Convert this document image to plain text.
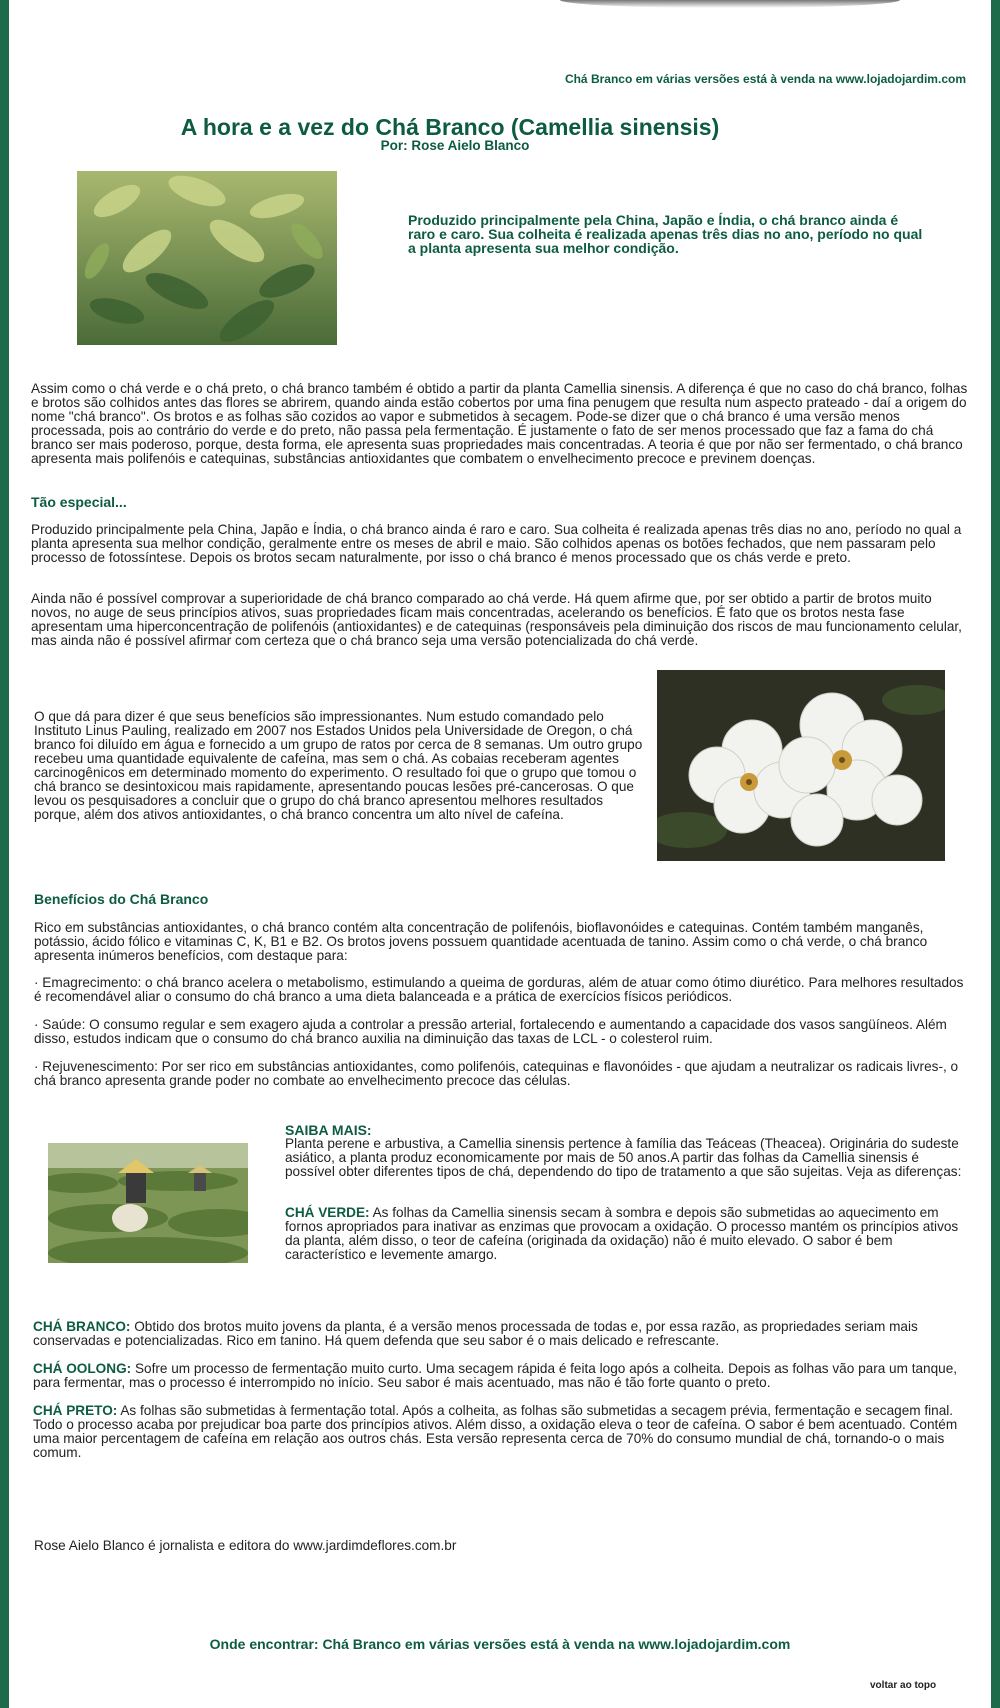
Chá Branco em várias versões está à venda na www.lojadojardim.com
A hora e a vez do Chá Branco (Camellia sinensis)
Por: Rose Aielo Blanco
Produzido principalmente pela China, Japão e Índia, o chá branco ainda é raro e caro. Sua colheita é realizada apenas três dias no ano, período no qual a planta apresenta sua melhor condição.

Assim como o chá verde e o chá preto, o chá branco também é obtido a partir da planta Camellia sinensis. A diferença é que no caso do chá branco, folhas e brotos são colhidos antes das flores se abrirem, quando ainda estão cobertos por uma fina penugem que resulta num aspecto prateado - daí a origem do nome "chá branco". Os brotos e as folhas são cozidos ao vapor e submetidos à secagem. Pode-se dizer que o chá branco é uma versão menos processada, pois ao contrário do verde e do preto, não passa pela fermentação. É justamente o fato de ser menos processado que faz a fama do chá branco ser mais poderoso, porque, desta forma, ele apresenta suas propriedades mais concentradas. A teoria é que por não ser fermentado, o chá branco apresenta mais polifenóis e catequinas, substâncias antioxidantes que combatem o envelhecimento precoce e previnem doenças.

Tão especial...

Produzido principalmente pela China, Japão e Índia, o chá branco ainda é raro e caro. Sua colheita é realizada apenas três dias no ano, período no qual a planta apresenta sua melhor condição, geralmente entre os meses de abril e maio. São colhidos apenas os botões fechados, que nem passaram pelo processo de fotossíntese. Depois os brotos secam naturalmente, por isso o chá branco é menos processado que os chás verde e preto.

Ainda não é possível comprovar a superioridade de chá branco comparado ao chá verde. Há quem afirme que, por ser obtido a partir de brotos muito novos, no auge de seus princípios ativos, suas propriedades ficam mais concentradas, acelerando os benefícios. É fato que os brotos nesta fase apresentam uma hiperconcentração de polifenóis (antioxidantes) e de catequinas (responsáveis pela diminuição dos riscos de mau funcionamento celular, mas ainda não é possível afirmar com certeza que o chá branco seja uma versão potencializada do chá verde.

O que dá para dizer é que seus benefícios são impressionantes. Num estudo comandado pelo Instituto Linus Pauling, realizado em 2007 nos Estados Unidos pela Universidade de Oregon, o chá branco foi diluído em água e fornecido a um grupo de ratos por cerca de 8 semanas. Um outro grupo recebeu uma quantidade equivalente de cafeína, mas sem o chá. As cobaias receberam agentes carcinogênicos em determinado momento do experimento. O resultado foi que o grupo que tomou o chá branco se desintoxicou mais rapidamente, apresentando poucas lesões pré-cancerosas. O que levou os pesquisadores a concluir que o grupo do chá branco apresentou melhores resultados porque, além dos ativos antioxidantes, o chá branco concentra um alto nível de cafeína.

Benefícios do Chá Branco

Rico em substâncias antioxidantes, o chá branco contém alta concentração de polifenóis, bioflavonóides e catequinas. Contém também manganês, potássio, ácido fólico e vitaminas C, K, B1 e B2. Os brotos jovens possuem quantidade acentuada de tanino. Assim como o chá verde, o chá branco apresenta inúmeros benefícios, com destaque para:

· Emagrecimento: o chá branco acelera o metabolismo, estimulando a queima de gorduras, além de atuar como ótimo diurético. Para melhores resultados é recomendável aliar o consumo do chá branco a uma dieta balanceada e a prática de exercícios físicos periódicos.

· Saúde: O consumo regular e sem exagero ajuda a controlar a pressão arterial, fortalecendo e aumentando a capacidade dos vasos sangüíneos. Além disso, estudos indicam que o consumo do chá branco auxilia na diminuição das taxas de LCL - o colesterol ruim.

· Rejuvenescimento: Por ser rico em substâncias antioxidantes, como polifenóis, catequinas e flavonóides - que ajudam a neutralizar os radicais livres-, o chá branco apresenta grande poder no combate ao envelhecimento precoce das células.

SAIBA MAIS:

Planta perene e arbustiva, a Camellia sinensis pertence à família das Teáceas (Theacea). Originária do sudeste asiático, a planta produz economicamente por mais de 50 anos.A partir das folhas da Camellia sinensis é possível obter diferentes tipos de chá, dependendo do tipo de tratamento a que são sujeitas. Veja as diferenças:

CHÁ VERDE: As folhas da Camellia sinensis secam à sombra e depois são submetidas ao aquecimento em fornos apropriados para inativar as enzimas que provocam a oxidação. O processo mantém os princípios ativos da planta, além disso, o teor de cafeína (originada da oxidação) não é muito elevado. O sabor é bem característico e levemente amargo.

CHÁ BRANCO: Obtido dos brotos muito jovens da planta, é a versão menos processada de todas e, por essa razão, as propriedades seriam mais conservadas e potencializadas. Rico em tanino. Há quem defenda que seu sabor é o mais delicado e refrescante.

CHÁ OOLONG: Sofre um processo de fermentação muito curto. Uma secagem rápida é feita logo após a colheita. Depois as folhas vão para um tanque, para fermentar, mas o processo é interrompido no início. Seu sabor é mais acentuado, mas não é tão forte quanto o preto.

CHÁ PRETO: As folhas são submetidas à fermentação total. Após a colheita, as folhas são submetidas a secagem prévia, fermentação e secagem final. Todo o processo acaba por prejudicar boa parte dos princípios ativos. Além disso, a oxidação eleva o teor de cafeína. O sabor é bem acentuado. Contém uma maior percentagem de cafeína em relação aos outros chás. Esta versão representa cerca de 70% do consumo mundial de chá, tornando-o o mais comum.

Rose Aielo Blanco é jornalista e editora do www.jardimdeflores.com.br

Onde encontrar: Chá Branco em várias versões está à venda na www.lojadojardim.com
voltar ao topo
